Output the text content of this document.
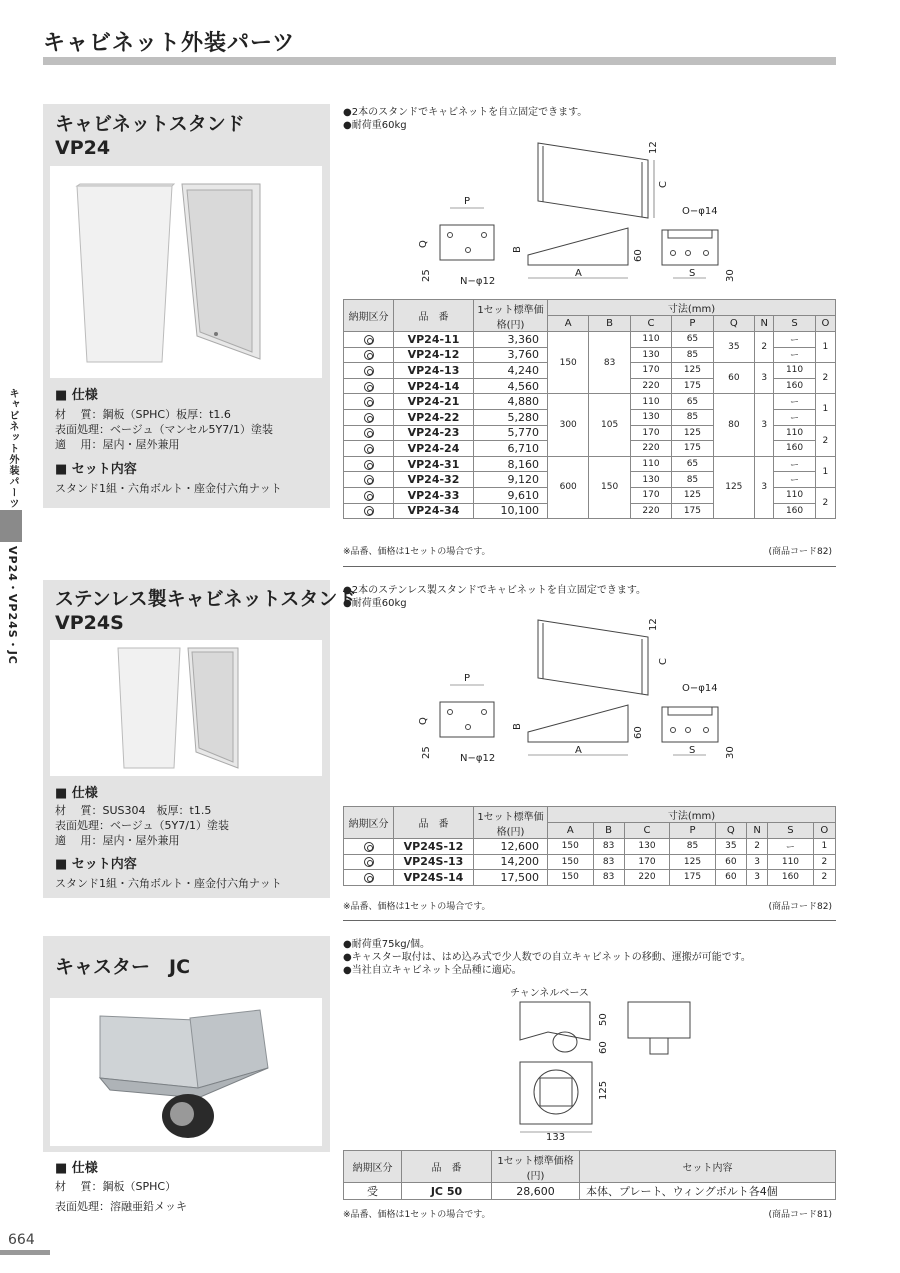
キャビネット外装パーツ
キャビネット外装パーツ
VP24・VP24S・JC
キャビネットスタンド
VP24
■ 仕様
材　 質：鋼板（SPHC）板厚：t1.6
表面処理：ベージュ（マンセル5Y7/1）塗装
適　 用：屋内・屋外兼用
■ セット内容
スタンド1組・六角ボルト・座金付六角ナット
●2本のスタンドでキャビネットを自立固定できます。
●耐荷重60kg
P
Q
B
A
C
S
12
25
60
30
N−φ12
O−φ14
納期区分	品　番	1セット標準価格(円)	寸法(mm)							
			A	B	C	P	Q	N	S	O
	VP24-11	3,360	150	83	110	65	35	2	ー	1
	VP24-12	3,760			130	85			ー	
	VP24-13	4,240			170	125	60	3	110	2
	VP24-14	4,560			220	175			160	
	VP24-21	4,880	300	105	110	65	80	3	ー	1
	VP24-22	5,280			130	85			ー	
	VP24-23	5,770			170	125			110	2
	VP24-24	6,710			220	175			160	
	VP24-31	8,160	600	150	110	65	125	3	ー	1
	VP24-32	9,120			130	85			ー	
	VP24-33	9,610			170	125			110	2
	VP24-34	10,100			220	175			160	
※品番、価格は1セットの場合です。	(商品コード82)
ステンレス製キャビネットスタンド
VP24S
■ 仕様
材　 質：SUS304　板厚：t1.5
表面処理：ベージュ（5Y7/1）塗装
適　 用：屋内・屋外兼用
■ セット内容
スタンド1組・六角ボルト・座金付六角ナット
●2本のステンレス製スタンドでキャビネットを自立固定できます。
●耐荷重60kg
P
Q
B
A
C
S
12
25
60
30
N−φ12
O−φ14
納期区分	品　番	1セット標準価格(円)	寸法(mm)							
			A	B	C	P	Q	N	S	O
	VP24S-12	12,600	150	83	130	85	35	2	ー	1
	VP24S-13	14,200	150	83	170	125	60	3	110	2
	VP24S-14	17,500	150	83	220	175	60	3	160	2
※品番、価格は1セットの場合です。	(商品コード82)
キャスター　JC
■ 仕様
材　 質：鋼板（SPHC）
表面処理：溶融亜鉛メッキ
●耐荷重75kg/個。
●キャスター取付は、はめ込み式で少人数での自立キャビネットの移動、運搬が可能です。
●当社自立キャビネット全品種に適応。
チャンネルベース
50
60
125
133
納期区分	品　番	1セット標準価格(円)	セット内容
受	JC 50	28,600	本体、プレート、ウィングボルト各4個
※品番、価格は1セットの場合です。	(商品コード81)
664
